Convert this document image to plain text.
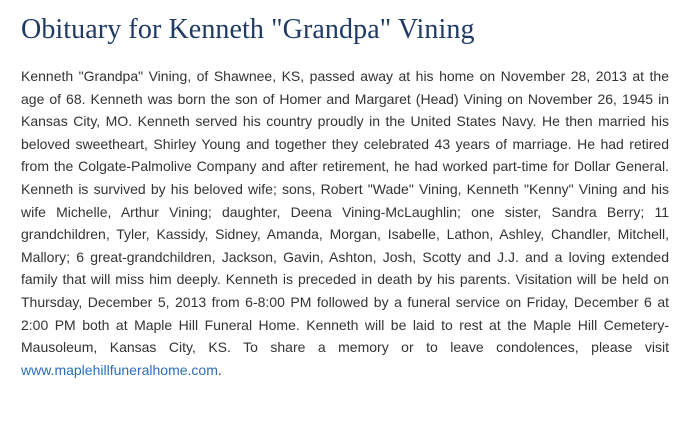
Obituary for Kenneth "Grandpa" Vining

Kenneth "Grandpa" Vining, of Shawnee, KS, passed away at his home on November 28, 2013 at the age of 68. Kenneth was born the son of Homer and Margaret (Head) Vining on November 26, 1945 in Kansas City, MO. Kenneth served his country proudly in the United States Navy. He then married his beloved sweetheart, Shirley Young and together they celebrated 43 years of marriage. He had retired from the Colgate-Palmolive Company and after retirement, he had worked part-time for Dollar General. Kenneth is survived by his beloved wife; sons, Robert "Wade" Vining, Kenneth "Kenny" Vining and his wife Michelle, Arthur Vining; daughter, Deena Vining-McLaughlin; one sister, Sandra Berry; 11 grandchildren, Tyler, Kassidy, Sidney, Amanda, Morgan, Isabelle, Lathon, Ashley, Chandler, Mitchell, Mallory; 6 great-grandchildren, Jackson, Gavin, Ashton, Josh, Scotty and J.J. and a loving extended family that will miss him deeply. Kenneth is preceded in death by his parents. Visitation will be held on Thursday, December 5, 2013 from 6-8:00 PM followed by a funeral service on Friday, December 6 at 2:00 PM both at Maple Hill Funeral Home. Kenneth will be laid to rest at the Maple Hill Cemetery-Mausoleum, Kansas City, KS. To share a memory or to leave condolences, please visit www.maplehillfuneralhome.com.
